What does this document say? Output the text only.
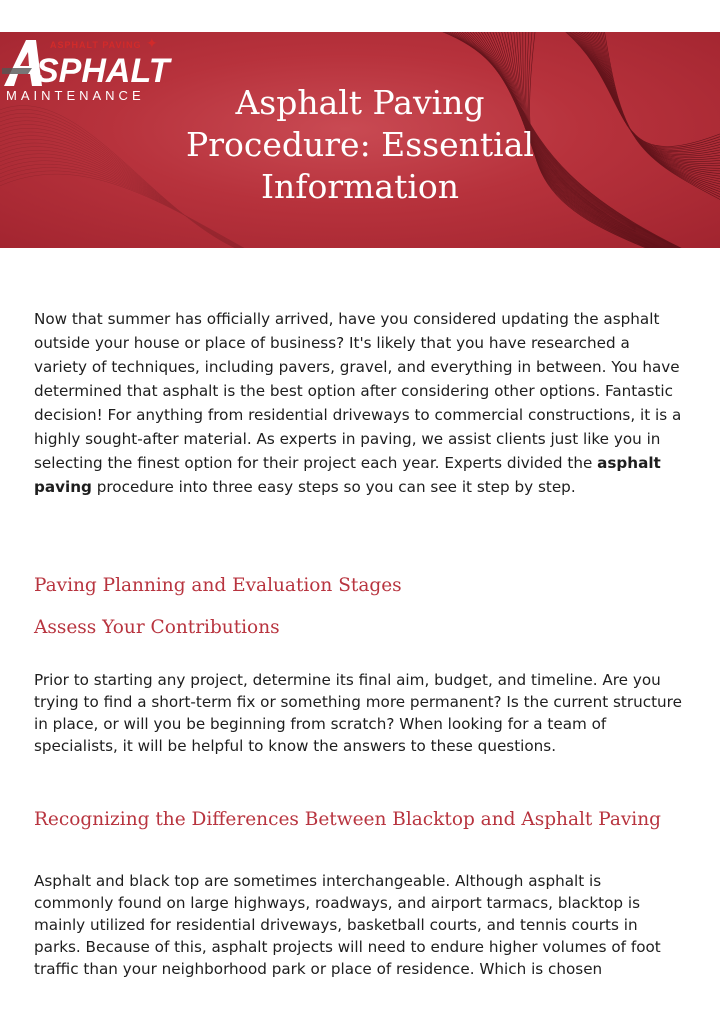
ASPHALT PAVING ✦
SPHALT
MAINTENANCE	Asphalt Paving
Procedure: Essential
Information

Now that summer has officially arrived, have you considered updating the asphalt outside your house or place of business? It's likely that you have researched a variety of techniques, including pavers, gravel, and everything in between. You have determined that asphalt is the best option after considering other options. Fantastic decision! For anything from residential driveways to commercial constructions, it is a highly sought-after material. As experts in paving, we assist clients just like you in selecting the finest option for their project each year. Experts divided the asphalt paving procedure into three easy steps so you can see it step by step.

Paving Planning and Evaluation Stages
Assess Your Contributions

Prior to starting any project, determine its final aim, budget, and timeline. Are you trying to find a short-term fix or something more permanent? Is the current structure in place, or will you be beginning from scratch? When looking for a team of specialists, it will be helpful to know the answers to these questions.

Recognizing the Differences Between Blacktop and Asphalt Paving

Asphalt and black top are sometimes interchangeable. Although asphalt is commonly found on large highways, roadways, and airport tarmacs, blacktop is mainly utilized for residential driveways, basketball courts, and tennis courts in parks. Because of this, asphalt projects will need to endure higher volumes of foot traffic than your neighborhood park or place of residence. Which is chosen
